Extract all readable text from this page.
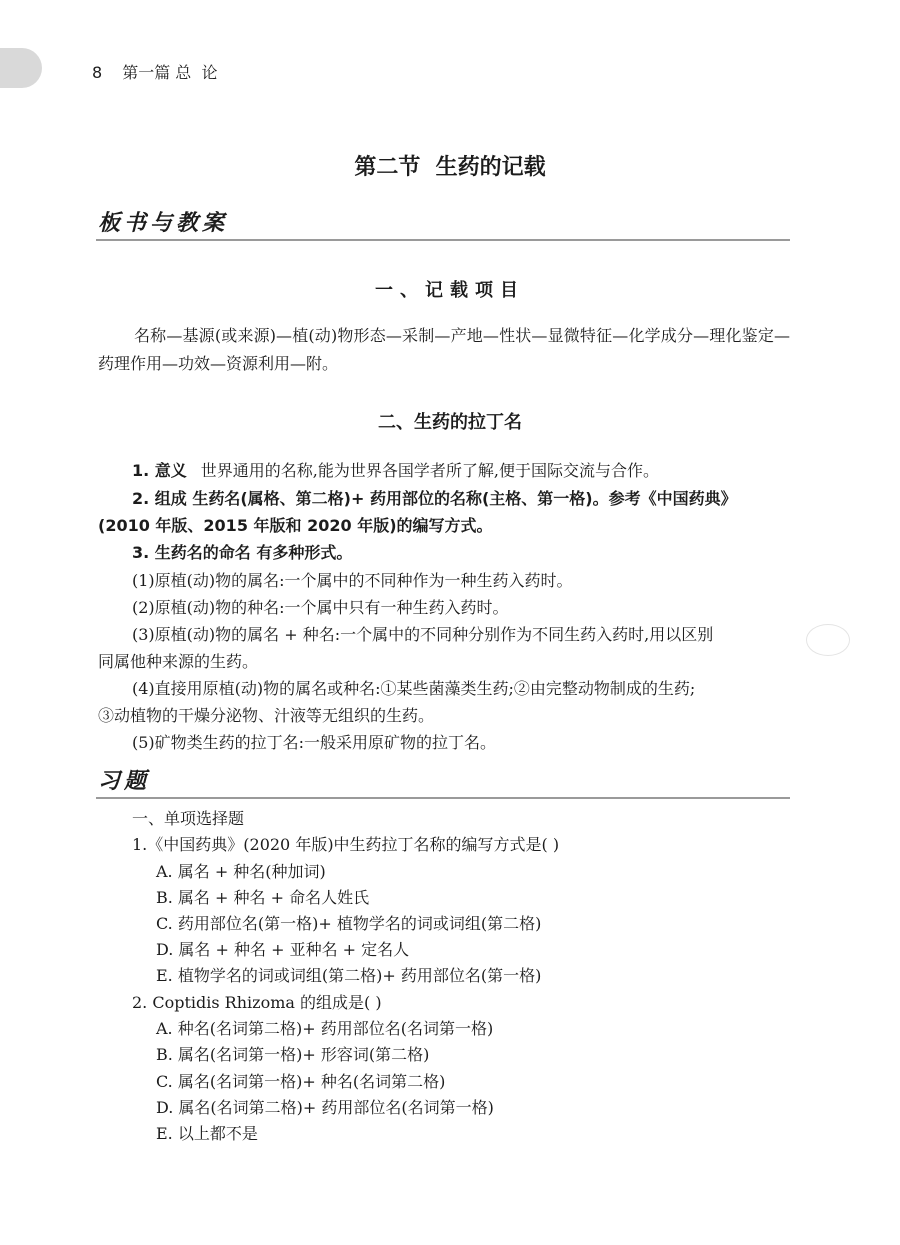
8 第一篇 总  论
第二节  生药的记载
板书与教案
一、记载项目

名称—基源(或来源)—植(动)物形态—采制—产地—性状—显微特征—化学成分—理化鉴定—药理作用—功效—资源利用—附。

二、生药的拉丁名
1. 意义 世界通用的名称,能为世界各国学者所了解,便于国际交流与合作。
2. 组成 生药名(属格、第二格)+ 药用部位的名称(主格、第一格)。参考《中国药典》
(2010 年版、2015 年版和 2020 年版)的编写方式。
3. 生药名的命名 有多种形式。
(1)原植(动)物的属名:一个属中的不同种作为一种生药入药时。
(2)原植(动)物的种名:一个属中只有一种生药入药时。
(3)原植(动)物的属名 + 种名:一个属中的不同种分别作为不同生药入药时,用以区别
同属他种来源的生药。
(4)直接用原植(动)物的属名或种名:①某些菌藻类生药;②由完整动物制成的生药;
③动植物的干燥分泌物、汁液等无组织的生药。
(5)矿物类生药的拉丁名:一般采用原矿物的拉丁名。
习题
一、单项选择题
1.《中国药典》(2020 年版)中生药拉丁名称的编写方式是( )
A. 属名 + 种名(种加词)
B. 属名 + 种名 + 命名人姓氏
C. 药用部位名(第一格)+ 植物学名的词或词组(第二格)
D. 属名 + 种名 + 亚种名 + 定名人
E. 植物学名的词或词组(第二格)+ 药用部位名(第一格)
2. Coptidis Rhizoma 的组成是( )
A. 种名(名词第二格)+ 药用部位名(名词第一格)
B. 属名(名词第一格)+ 形容词(第二格)
C. 属名(名词第一格)+ 种名(名词第二格)
D. 属名(名词第二格)+ 药用部位名(名词第一格)
E. 以上都不是
